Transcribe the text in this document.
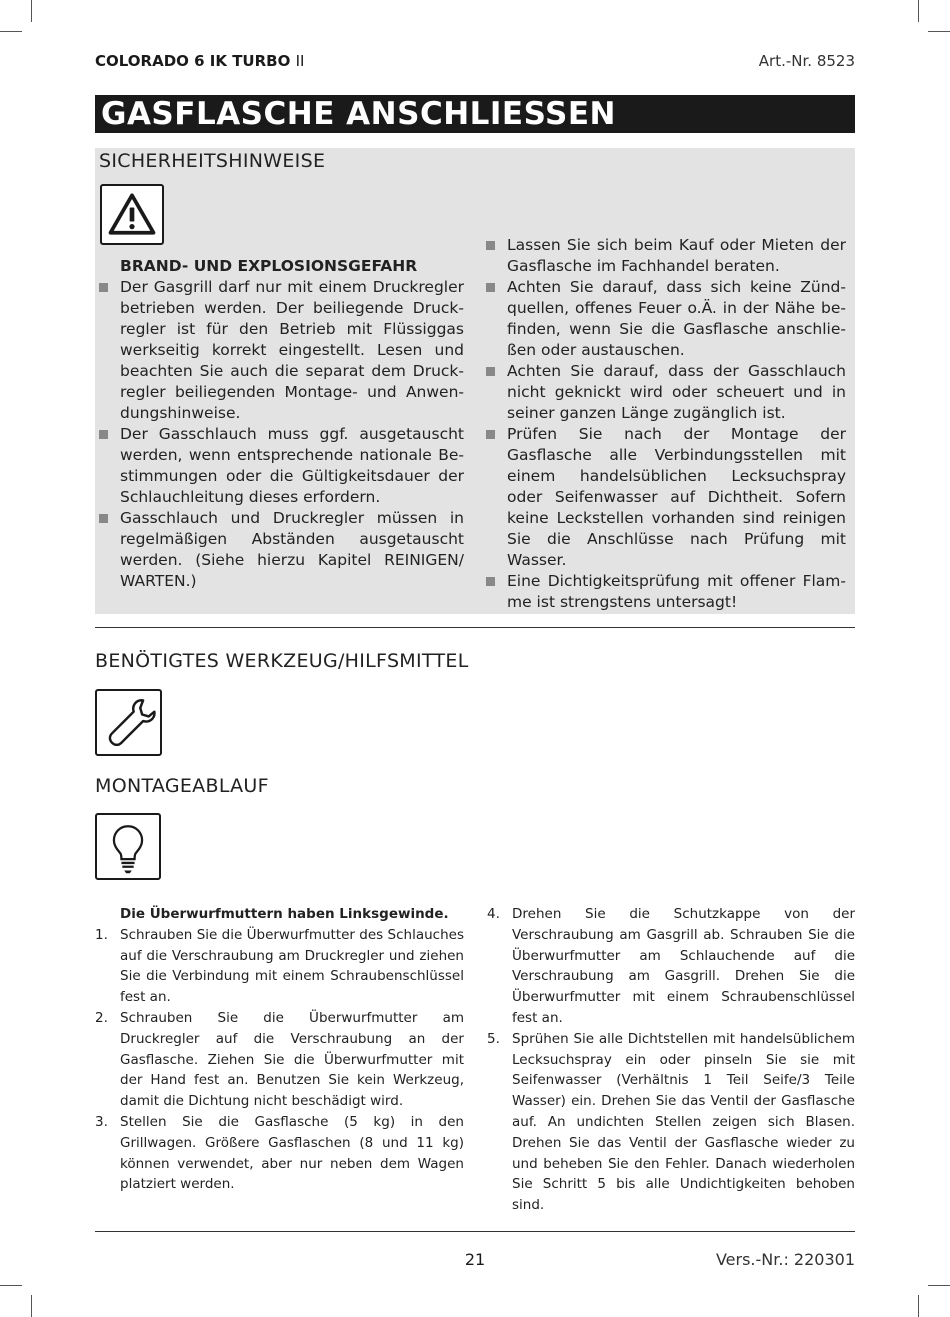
COLORADO 6 IK TURBO II	Art.-Nr. 8523
GASFLASCHE ANSCHLIESSEN
SICHERHEITSHINWEISE

BRAND- UND EXPLOSIONSGEFAHR

Der Gasgrill darf nur mit einem Druckregler betrieben werden. Der beiliegende Druckregler ist für den Betrieb mit Flüssiggas werkseitig korrekt eingestellt. Lesen und beachten Sie auch die separat dem Druckregler beiliegenden Montage- und Anwendungshinweise.

Der Gasschlauch muss ggf. ausgetauscht werden, wenn entsprechende nationale Bestimmungen oder die Gültigkeitsdauer der Schlauchleitung dieses erfordern.

Gasschlauch und Druckregler müssen in regelmäßigen Abständen ausgetauscht werden. (Siehe hierzu Kapitel REINIGEN/ WARTEN.)

Lassen Sie sich beim Kauf oder Mieten der Gasflasche im Fachhandel beraten.

Achten Sie darauf, dass sich keine Zündquellen, offenes Feuer o.Ä. in der Nähe befinden, wenn Sie die Gasflasche anschließen oder austauschen.

Achten Sie darauf, dass der Gasschlauch nicht geknickt wird oder scheuert und in seiner ganzen Länge zugänglich ist.

Prüfen Sie nach der Montage der Gasflasche alle Verbindungsstellen mit einem handelsüblichen Lecksuchspray oder Seifenwasser auf Dichtheit. Sofern keine Leckstellen vorhanden sind reinigen Sie die Anschlüsse nach Prüfung mit Wasser.

Eine Dichtigkeitsprüfung mit offener Flamme ist strengstens untersagt!

BENÖTIGTES WERKZEUG/HILFSMITTEL
MONTAGEABLAUF

Die Überwurfmuttern haben Linksgewinde.

1. Schrauben Sie die Überwurfmutter des Schlauches auf die Verschraubung am Druckregler und ziehen Sie die Verbindung mit einem Schraubenschlüssel fest an.

2. Schrauben Sie die Überwurfmutter am Druckregler auf die Verschraubung an der Gasflasche. Ziehen Sie die Überwurfmutter mit der Hand fest an. Benutzen Sie kein Werkzeug, damit die Dichtung nicht beschädigt wird.

3. Stellen Sie die Gasflasche (5 kg) in den Grillwagen. Größere Gasflaschen (8 und 11 kg) können verwendet, aber nur neben dem Wagen platziert werden.

4. Drehen Sie die Schutzkappe von der Verschraubung am Gasgrill ab. Schrauben Sie die Überwurfmutter am Schlauchende auf die Verschraubung am Gasgrill. Drehen Sie die Überwurfmutter mit einem Schraubenschlüssel fest an.

5. Sprühen Sie alle Dichtstellen mit handelsüblichem Lecksuchspray ein oder pinseln Sie sie mit Seifenwasser (Verhältnis 1 Teil Seife/3 Teile Wasser) ein. Drehen Sie das Ventil der Gasflasche auf. An undichten Stellen zeigen sich Blasen. Drehen Sie das Ventil der Gasflasche wieder zu und beheben Sie den Fehler. Danach wiederholen Sie Schritt 5 bis alle Undichtigkeiten behoben sind.

21	Vers.-Nr.: 220301
